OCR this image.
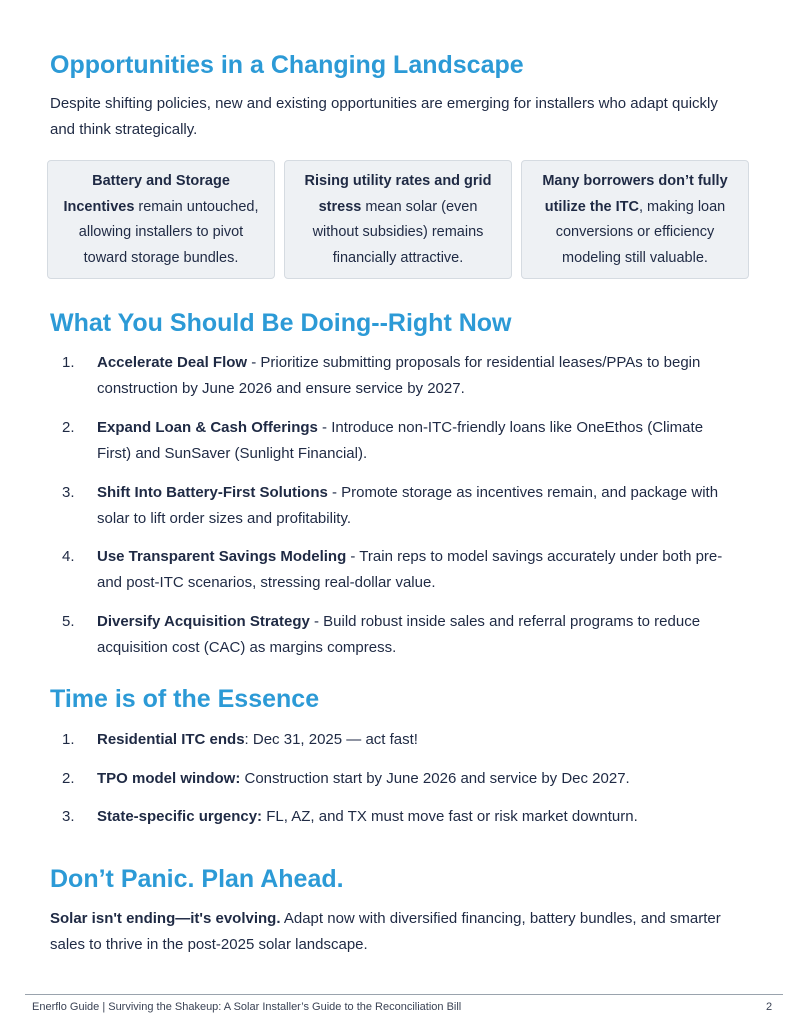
Opportunities in a Changing Landscape

Despite shifting policies, new and existing opportunities are emerging for installers who adapt quickly and think strategically.

Battery and Storage Incentives remain untouched, allowing installers to pivot toward storage bundles.
Rising utility rates and grid stress mean solar (even without subsidies) remains financially attractive.
Many borrowers don’t fully utilize the ITC, making loan conversions or efficiency modeling still valuable.
What You Should Be Doing--Right Now
1. Accelerate Deal Flow - Prioritize submitting proposals for residential leases/PPAs to begin construction by June 2026 and ensure service by 2027.
2. Expand Loan & Cash Offerings - Introduce non-ITC-friendly loans like OneEthos (Climate First) and SunSaver (Sunlight Financial).
3. Shift Into Battery-First Solutions - Promote storage as incentives remain, and package with solar to lift order sizes and profitability.
4. Use Transparent Savings Modeling - Train reps to model savings accurately under both pre- and post-ITC scenarios, stressing real-dollar value.
5. Diversify Acquisition Strategy - Build robust inside sales and referral programs to reduce acquisition cost (CAC) as margins compress.
Time is of the Essence
1. Residential ITC ends: Dec 31, 2025 — act fast!
2. TPO model window: Construction start by June 2026 and service by Dec 2027.
3. State-specific urgency: FL, AZ, and TX must move fast or risk market downturn.
Don’t Panic. Plan Ahead.

Solar isn't ending—it's evolving. Adapt now with diversified financing, battery bundles, and smarter sales to thrive in the post-2025 solar landscape.

Enerflo Guide | Surviving the Shakeup: A Solar Installer’s Guide to the Reconciliation Bill	2
